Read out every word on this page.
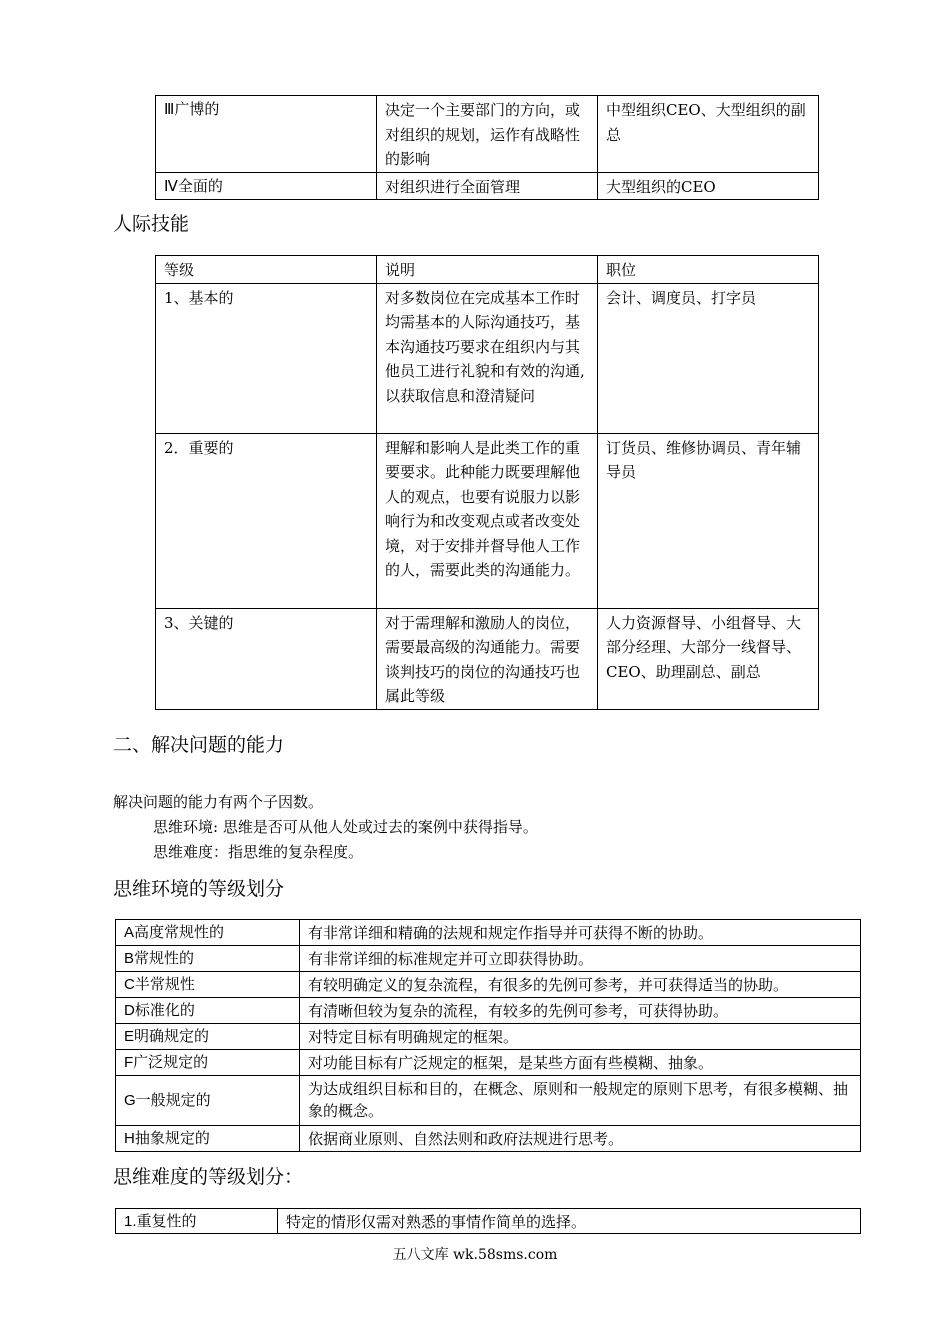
Ⅲ广博的	决定一个主要部门的方向，或对组织的规划，运作有战略性的影响	中型组织CEO、大型组织的副总
Ⅳ全面的	对组织进行全面管理	大型组织的CEO
人际技能
等级	说明	职位
1、基本的	对多数岗位在完成基本工作时均需基本的人际沟通技巧，基本沟通技巧要求在组织内与其他员工进行礼貌和有效的沟通,以获取信息和澄清疑问	会计、调度员、打字员
2．重要的	理解和影响人是此类工作的重要要求。此种能力既要理解他人的观点，也要有说服力以影响行为和改变观点或者改变处境，对于安排并督导他人工作的人，需要此类的沟通能力。	订货员、维修协调员、青年辅导员
3、关键的	对于需理解和激励人的岗位，需要最高级的沟通能力。需要谈判技巧的岗位的沟通技巧也属此等级	人力资源督导、小组督导、大部分经理、大部分一线督导、CEO、助理副总、副总
二、解决问题的能力

解决问题的能力有两个子因数。

思维环境: 思维是否可从他人处或过去的案例中获得指导。

思维难度：指思维的复杂程度。

思维环境的等级划分
A高度常规性的	有非常详细和精确的法规和规定作指导并可获得不断的协助。
B常规性的	有非常详细的标准规定并可立即获得协助。
C半常规性	有较明确定义的复杂流程，有很多的先例可参考，并可获得适当的协助。
D标准化的	有清晰但较为复杂的流程，有较多的先例可参考，可获得协助。
E明确规定的	对特定目标有明确规定的框架。
F广泛规定的	对功能目标有广泛规定的框架，是某些方面有些模糊、抽象。
G一般规定的	为达成组织目标和目的，在概念、原则和一般规定的原则下思考，有很多模糊、抽象的概念。
H抽象规定的	依据商业原则、自然法则和政府法规进行思考。
思维难度的等级划分：
1.重复性的	特定的情形仅需对熟悉的事情作简单的选择。
五八文库 wk.58sms.com
